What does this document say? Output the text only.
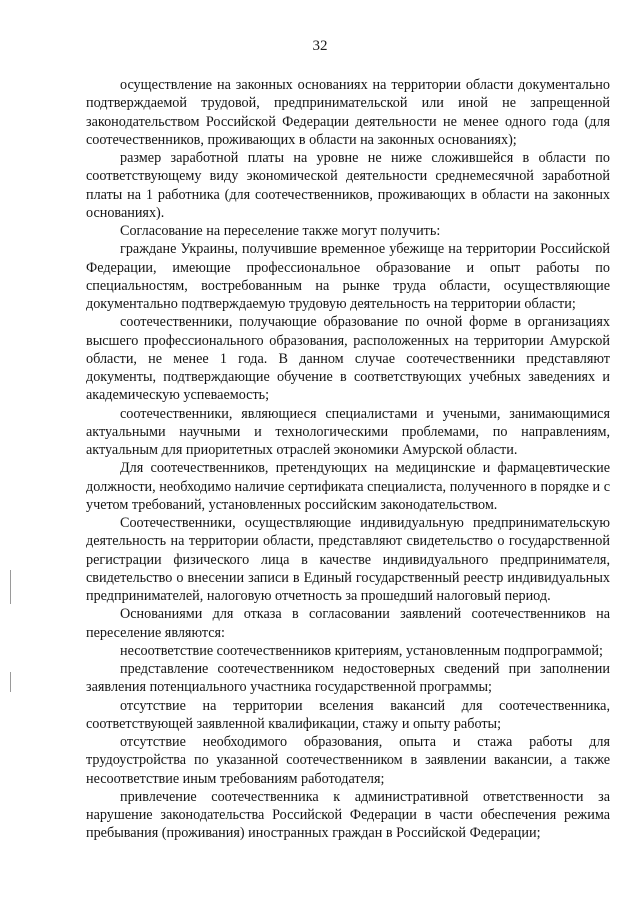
32

осуществление на законных основаниях на территории области документально подтверждаемой трудовой, предпринимательской или иной не запрещенной законодательством Российской Федерации деятельности не менее одного года (для соотечественников, проживающих в области на законных основаниях);

размер заработной платы на уровне не ниже сложившейся в области по соответствующему виду экономической деятельности среднемесячной заработной платы на 1 работника (для соотечественников, проживающих в области на законных основаниях).

Согласование на переселение также могут получить:

граждане Украины, получившие временное убежище на территории Российской Федерации, имеющие профессиональное образование и опыт работы по специальностям, востребованным на рынке труда области, осуществляющие документально подтверждаемую трудовую деятельность на территории области;

соотечественники, получающие образование по очной форме в организациях высшего профессионального образования, расположенных на территории Амурской области, не менее 1 года. В данном случае соотечественники представляют документы, подтверждающие обучение в соответствующих учебных заведениях и академическую успеваемость;

соотечественники, являющиеся специалистами и учеными, занимающимися актуальными научными и технологическими проблемами, по направлениям, актуальным для приоритетных отраслей экономики Амурской области.

Для соотечественников, претендующих на медицинские и фармацевтические должности, необходимо наличие сертификата специалиста, полученного в порядке и с учетом требований, установленных российским законодательством.

Соотечественники, осуществляющие индивидуальную предпринимательскую деятельность на территории области, представляют свидетельство о государственной регистрации физического лица в качестве индивидуального предпринимателя, свидетельство о внесении записи в Единый государственный реестр индивидуальных предпринимателей, налоговую отчетность за прошедший налоговый период.

Основаниями для отказа в согласовании заявлений соотечественников на переселение являются:

несоответствие соотечественников критериям, установленным подпрограммой;

представление соотечественником недостоверных сведений при заполнении заявления потенциального участника государственной программы;

отсутствие на территории вселения вакансий для соотечественника, соответствующей заявленной квалификации, стажу и опыту работы;

отсутствие необходимого образования, опыта и стажа работы для трудоустройства по указанной соотечественником в заявлении вакансии, а также несоответствие иным требованиям работодателя;

привлечение соотечественника к административной ответственности за нарушение законодательства Российской Федерации в части обеспечения режима пребывания (проживания) иностранных граждан в Российской Федерации;
